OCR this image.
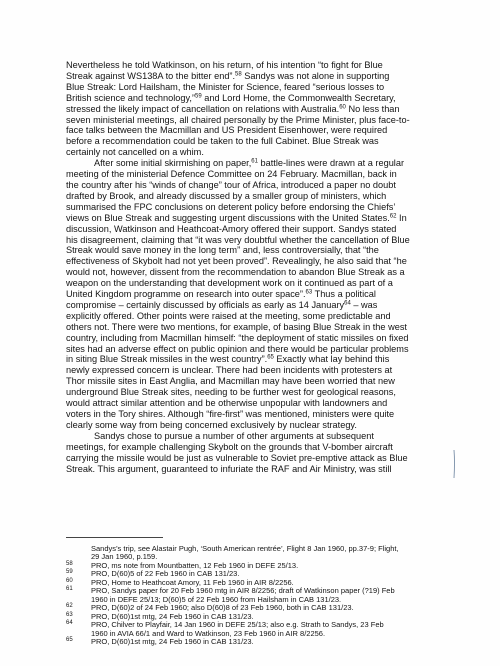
Nevertheless he told Watkinson, on his return, of his intention “to fight for Blue
Streak against WS138A to the bitter end”.$^{58}$ Sandys was not alone in supporting
Blue Streak: Lord Hailsham, the Minister for Science, feared “serious losses to
British science and technology,”$^{59}$ and Lord Home, the Commonwealth Secretary,
stressed the likely impact of cancellation on relations with Australia.$^{60}$ No less than
seven ministerial meetings, all chaired personally by the Prime Minister, plus face-to-
face talks between the Macmillan and US President Eisenhower, were required
before a recommendation could be taken to the full Cabinet. Blue Streak was
certainly not cancelled on a whim.
After some initial skirmishing on paper,$^{61}$ battle-lines were drawn at a regular
meeting of the ministerial Defence Committee on 24 February. Macmillan, back in
the country after his “winds of change” tour of Africa, introduced a paper no doubt
drafted by Brook, and already discussed by a smaller group of ministers, which
summarised the FPC conclusions on deterent policy before endorsing the Chiefs’
views on Blue Streak and suggesting urgent discussions with the United States.$^{62}$ In
discussion, Watkinson and Heathcoat-Amory offered their support. Sandys stated
his disagreement, claiming that “it was very doubtful whether the cancellation of Blue
Streak would save money in the long term” and, less controversially, that “the
effectiveness of Skybolt had not yet been proved”. Revealingly, he also said that “he
would not, however, dissent from the recommendation to abandon Blue Streak as a
weapon on the understanding that development work on it continued as part of a
United Kingdom programme on research into outer space”.$^{63}$ Thus a political
compromise – certainly discussed by officials as early as 14 January$^{64}$ – was
explicitly offered. Other points were raised at the meeting, some predictable and
others not. There were two mentions, for example, of basing Blue Streak in the west
country, including from Macmillan himself: “the deployment of static missiles on fixed
sites had an adverse effect on public opinion and there would be particular problems
in siting Blue Streak missiles in the west country”.$^{65}$ Exactly what lay behind this
newly expressed concern is unclear. There had been incidents with protesters at
Thor missile sites in East Anglia, and Macmillan may have been worried that new
underground Blue Streak sites, needing to be further west for geological reasons,
would attract similar attention and be otherwise unpopular with landowners and
voters in the Tory shires. Although “fire-first” was mentioned, ministers were quite
clearly some way from being concerned exclusively by nuclear strategy.
Sandys chose to pursue a number of other arguments at subsequent
meetings, for example challenging Skybolt on the grounds that V-bomber aircraft
carrying the missile would be just as vulnerable to Soviet pre-emptive attack as Blue
Streak. This argument, guaranteed to infuriate the RAF and Air Ministry, was still
Sandys’s trip, see Alastair Pugh, ‘South American rentrée’, Flight 8 Jan 1960, pp.37-9; Flight,
29 Jan 1960, p.159.
58 PRO, ms note from Mountbatten, 12 Feb 1960 in DEFE 25/13.
59 PRO, D(60)5 of 22 Feb 1960 in CAB 131/23.
60 PRO, Home to Heathcoat Amory, 11 Feb 1960 in AIR 8/2256.
61 PRO, Sandys paper for 20 Feb 1960 mtg in AIR 8/2256; draft of Watkinson paper (?19) Feb
1960 in DEFE 25/13; D(60)5 of 22 Feb 1960 from Hailsham in CAB 131/23.
62 PRO, D(60)2 of 24 Feb 1960; also D(60)8 of 23 Feb 1960, both in CAB 131/23.
63 PRO, D(60)1st mtg, 24 Feb 1960 in CAB 131/23.
64 PRO, Chilver to Playfair, 14 Jan 1960 in DEFE 25/13; also e.g. Strath to Sandys, 23 Feb
1960 in AVIA 66/1 and Ward to Watkinson, 23 Feb 1960 in AIR 8/2256.
65 PRO, D(60)1st mtg, 24 Feb 1960 in CAB 131/23.
